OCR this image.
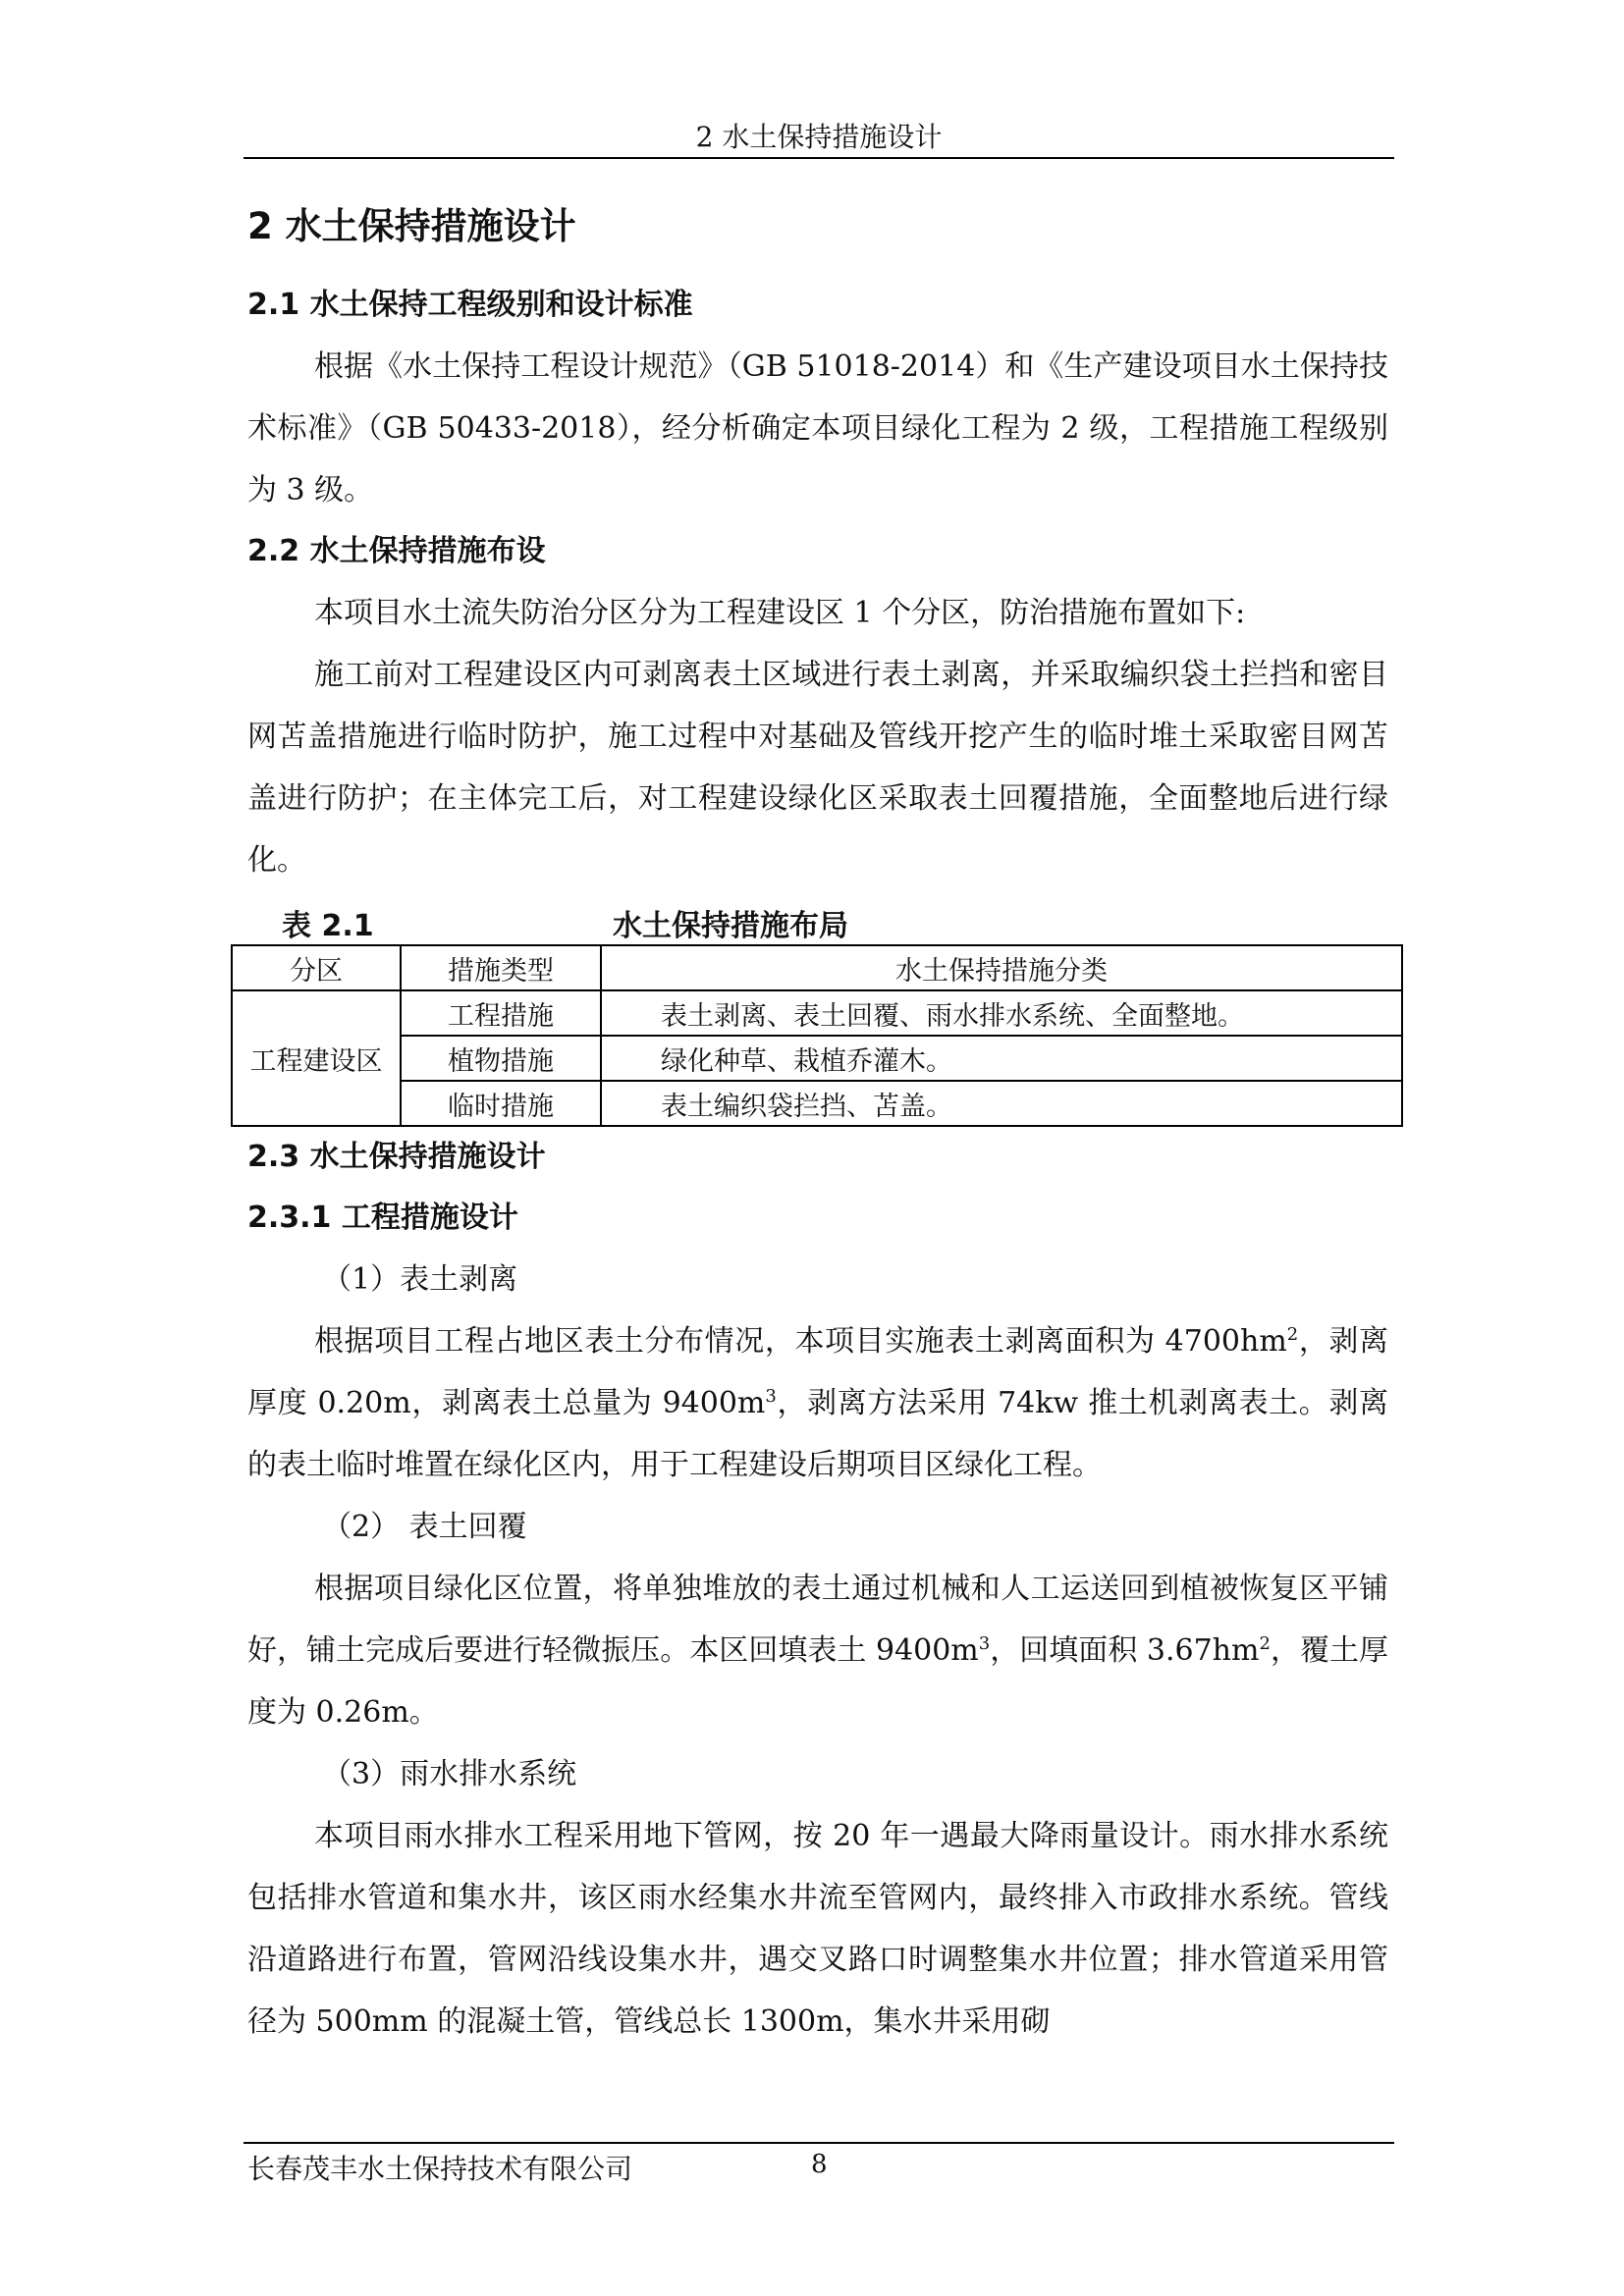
2 水土保持措施设计
2 水土保持措施设计
2.1 水土保持工程级别和设计标准

根据《水土保持工程设计规范》（GB 51018-2014）和《生产建设项目水土保持技术标准》（GB 50433-2018），经分析确定本项目绿化工程为 2 级，工程措施工程级别为 3 级。

2.2 水土保持措施布设

本项目水土流失防治分区分为工程建设区 1 个分区，防治措施布置如下:

施工前对工程建设区内可剥离表土区域进行表土剥离，并采取编织袋土拦挡和密目网苫盖措施进行临时防护，施工过程中对基础及管线开挖产生的临时堆土采取密目网苫盖进行防护；在主体完工后，对工程建设绿化区采取表土回覆措施，全面整地后进行绿化。

表 2.1	水土保持措施布局
分区	措施类型	水土保持措施分类
工程建设区	工程措施	表土剥离、表土回覆、雨水排水系统、全面整地。
	植物措施	绿化种草、栽植乔灌木。
	临时措施	表土编织袋拦挡、苫盖。
2.3 水土保持措施设计
2.3.1 工程措施设计

（1）表土剥离

根据项目工程占地区表土分布情况，本项目实施表土剥离面积为 $4700hm^2$，剥离厚度 0.20m，剥离表土总量为 $9400m^3$，剥离方法采用 74kw 推土机剥离表土。剥离的表土临时堆置在绿化区内，用于工程建设后期项目区绿化工程。

（2） 表土回覆

根据项目绿化区位置，将单独堆放的表土通过机械和人工运送回到植被恢复区平铺好，铺土完成后要进行轻微振压。本区回填表土 $9400m^3$，回填面积 $3.67hm^2$，覆土厚度为 0.26m。

（3）雨水排水系统

本项目雨水排水工程采用地下管网，按 20 年一遇最大降雨量设计。雨水排水系统包括排水管道和集水井，该区雨水经集水井流至管网内，最终排入市政排水系统。管线沿道路进行布置，管网沿线设集水井，遇交叉路口时调整集水井位置；排水管道采用管径为 500mm 的混凝土管，管线总长 1300m，集水井采用砌

长春茂丰水土保持技术有限公司	8
